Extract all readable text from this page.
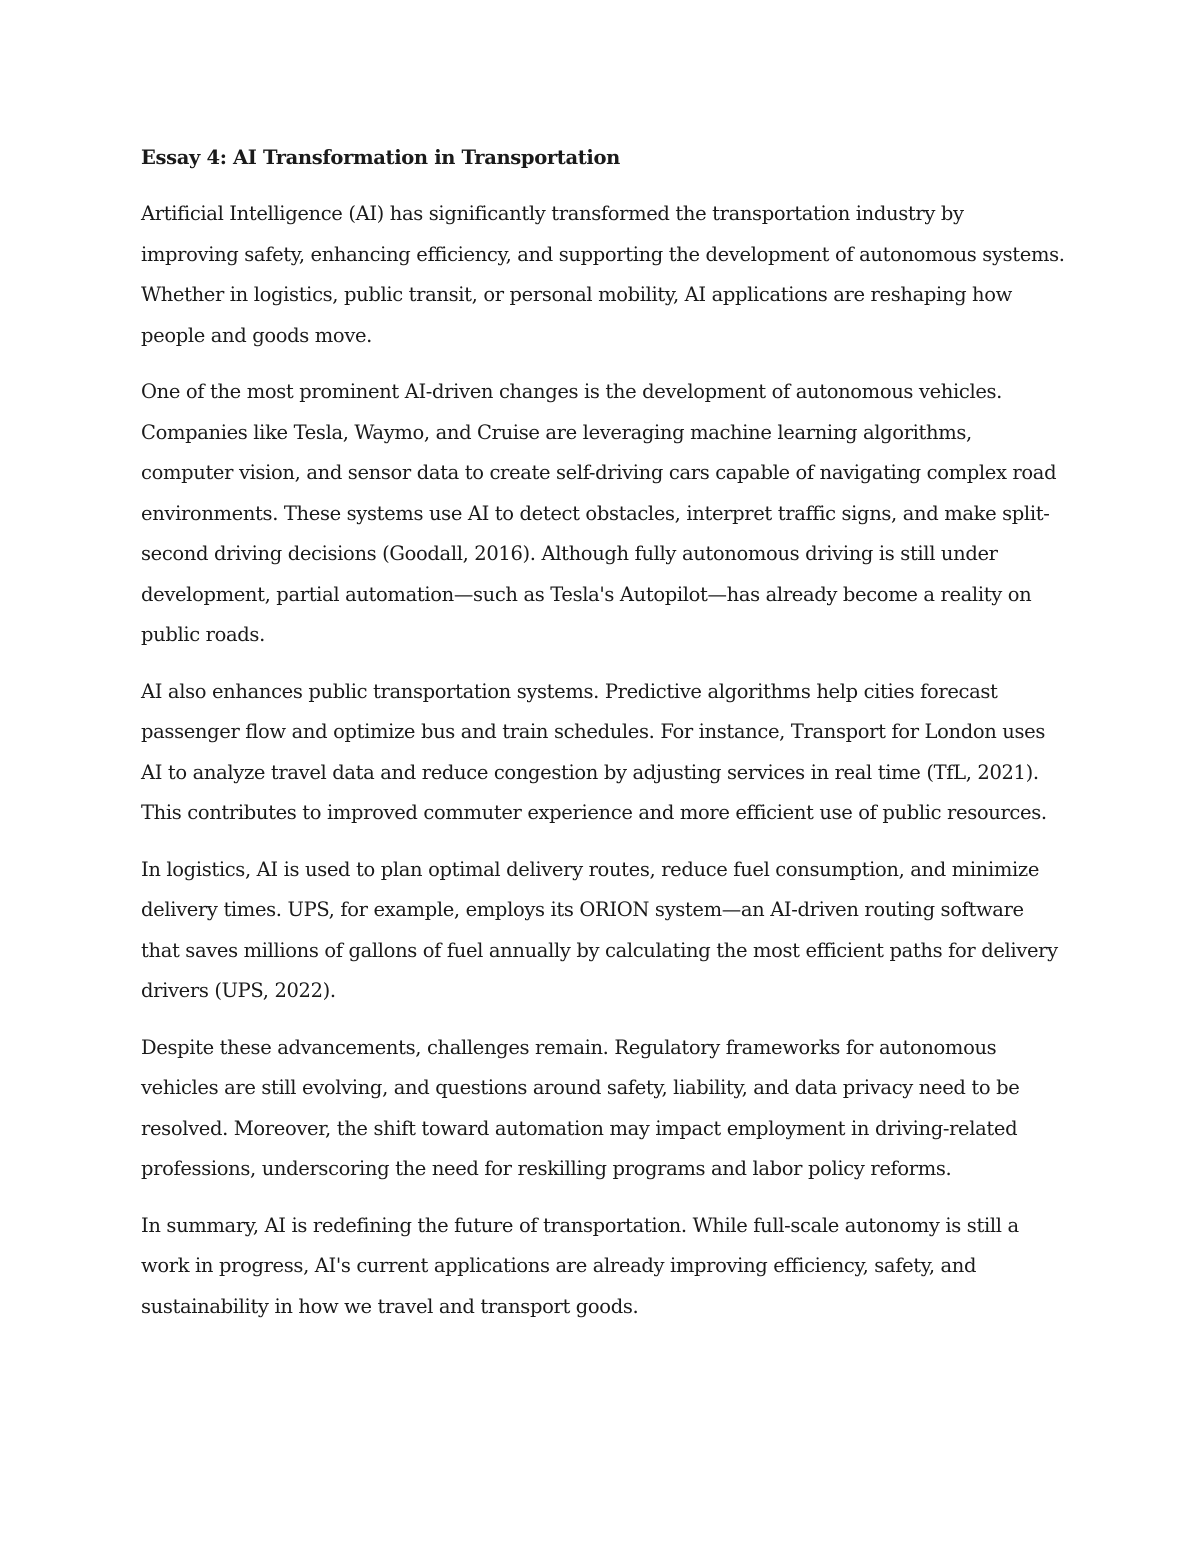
Essay 4: AI Transformation in Transportation

Artificial Intelligence (AI) has significantly transformed the transportation industry by improving safety, enhancing efficiency, and supporting the development of autonomous systems. Whether in logistics, public transit, or personal mobility, AI applications are reshaping how people and goods move.

One of the most prominent AI-driven changes is the development of autonomous vehicles. Companies like Tesla, Waymo, and Cruise are leveraging machine learning algorithms, computer vision, and sensor data to create self-driving cars capable of navigating complex road environments. These systems use AI to detect obstacles, interpret traffic signs, and make split-second driving decisions (Goodall, 2016). Although fully autonomous driving is still under development, partial automation—such as Tesla's Autopilot—has already become a reality on public roads.

AI also enhances public transportation systems. Predictive algorithms help cities forecast passenger flow and optimize bus and train schedules. For instance, Transport for London uses AI to analyze travel data and reduce congestion by adjusting services in real time (TfL, 2021). This contributes to improved commuter experience and more efficient use of public resources.

In logistics, AI is used to plan optimal delivery routes, reduce fuel consumption, and minimize delivery times. UPS, for example, employs its ORION system—an AI-driven routing software that saves millions of gallons of fuel annually by calculating the most efficient paths for delivery drivers (UPS, 2022).

Despite these advancements, challenges remain. Regulatory frameworks for autonomous vehicles are still evolving, and questions around safety, liability, and data privacy need to be resolved. Moreover, the shift toward automation may impact employment in driving-related professions, underscoring the need for reskilling programs and labor policy reforms.

In summary, AI is redefining the future of transportation. While full-scale autonomy is still a work in progress, AI's current applications are already improving efficiency, safety, and sustainability in how we travel and transport goods.
